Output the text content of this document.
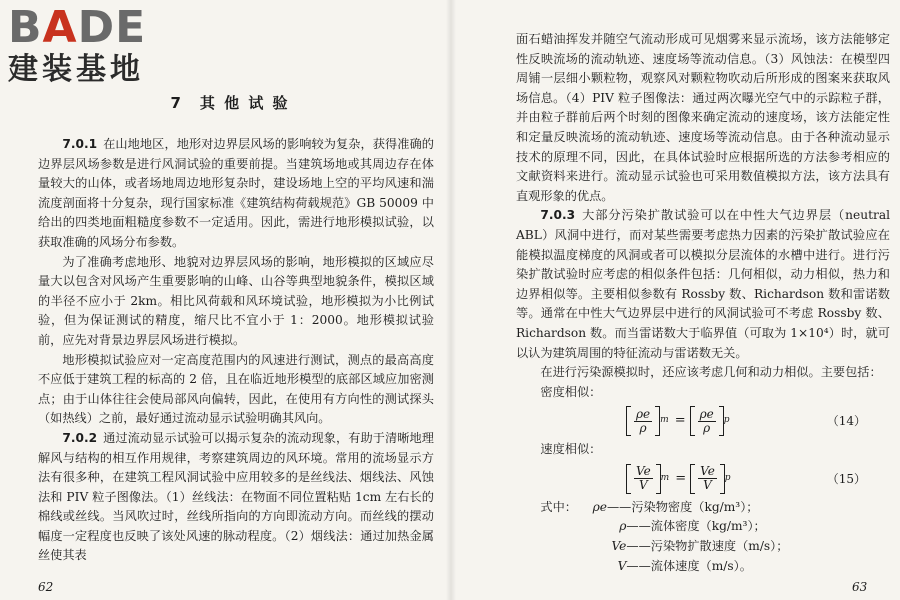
BADE
建装基地
7　其 他 试 验

7.0.1 在山地地区，地形对边界层风场的影响较为复杂，获得准确的边界层风场参数是进行风洞试验的重要前提。当建筑场地或其周边存在体量较大的山体，或者场地周边地形复杂时，建设场地上空的平均风速和湍流度剖面将十分复杂，现行国家标准《建筑结构荷载规范》GB 50009 中给出的四类地面粗糙度参数不一定适用。因此，需进行地形模拟试验，以获取准确的风场分布参数。

为了准确考虑地形、地貌对边界层风场的影响，地形模拟的区域应尽量大以包含对风场产生重要影响的山峰、山谷等典型地貌条件，模拟区域的半径不应小于 2km。相比风荷载和风环境试验，地形模拟为小比例试验，但为保证测试的精度，缩尺比不宜小于 1：2000。地形模拟试验前，应先对背景边界层风场进行模拟。

地形模拟试验应对一定高度范围内的风速进行测试，测点的最高高度不应低于建筑工程的标高的 2 倍，且在临近地形模型的底部区域应加密测点；由于山体往往会使局部风向偏转，因此，在使用有方向性的测试探头（如热线）之前，最好通过流动显示试验明确其风向。

7.0.2 通过流动显示试验可以揭示复杂的流动现象，有助于清晰地理解风与结构的相互作用规律，考察建筑周边的风环境。常用的流场显示方法有很多种，在建筑工程风洞试验中应用较多的是丝线法、烟线法、风蚀法和 PIV 粒子图像法。（1）丝线法：在物面不同位置粘贴 1cm 左右长的棉线或丝线。当风吹过时，丝线所指向的方向即流动方向。而丝线的摆动幅度一定程度也反映了该处风速的脉动程度。（2）烟线法：通过加热金属丝使其表

62

面石蜡油挥发并随空气流动形成可见烟雾来显示流场，该方法能够定性反映流场的流动轨迹、速度场等流动信息。（3）风蚀法：在模型四周铺一层细小颗粒物，观察风对颗粒物吹动后所形成的图案来获取风场信息。（4）PIV 粒子图像法：通过两次曝光空气中的示踪粒子群，并由粒子群前后两个时刻的图像来确定流动的速度场，该方法能定性和定量反映流场的流动轨迹、速度场等流动信息。由于各种流动显示技术的原理不同，因此，在具体试验时应根据所选的方法参考相应的文献资料来进行。流动显示试验也可采用数值模拟方法，该方法具有直观形象的优点。

7.0.3 大部分污染扩散试验可以在中性大气边界层（neutral ABL）风洞中进行，而对某些需要考虑热力因素的污染扩散试验应在能模拟温度梯度的风洞或者可以模拟分层流体的水槽中进行。进行污染扩散试验时应考虑的相似条件包括：几何相似，动力相似，热力和边界相似等。主要相似参数有 Rossby 数、Richardson 数和雷诺数等。通常在中性大气边界层中进行的风洞试验可不考虑 Rossby 数、Richardson 数。而当雷诺数大于临界值（可取为 1×10⁴）时，就可以认为建筑周围的特征流动与雷诺数无关。

在进行污染源模拟时，还应该考虑几何和动力相似。主要包括：

密度相似：

$\frac{\rho e}{\rho}$ $m = \frac{\rho e}{\rho}$ p	（14）

速度相似：

$\frac{Ve}{V}$ $m = \frac{Ve}{V}$ p	（15）
式中：	ρe ——污染物密度（kg/m³）；
ρ ——流体密度（kg/m³）；
Ve ——污染物扩散速度（m/s）；
V ——流体速度（m/s）。
63
